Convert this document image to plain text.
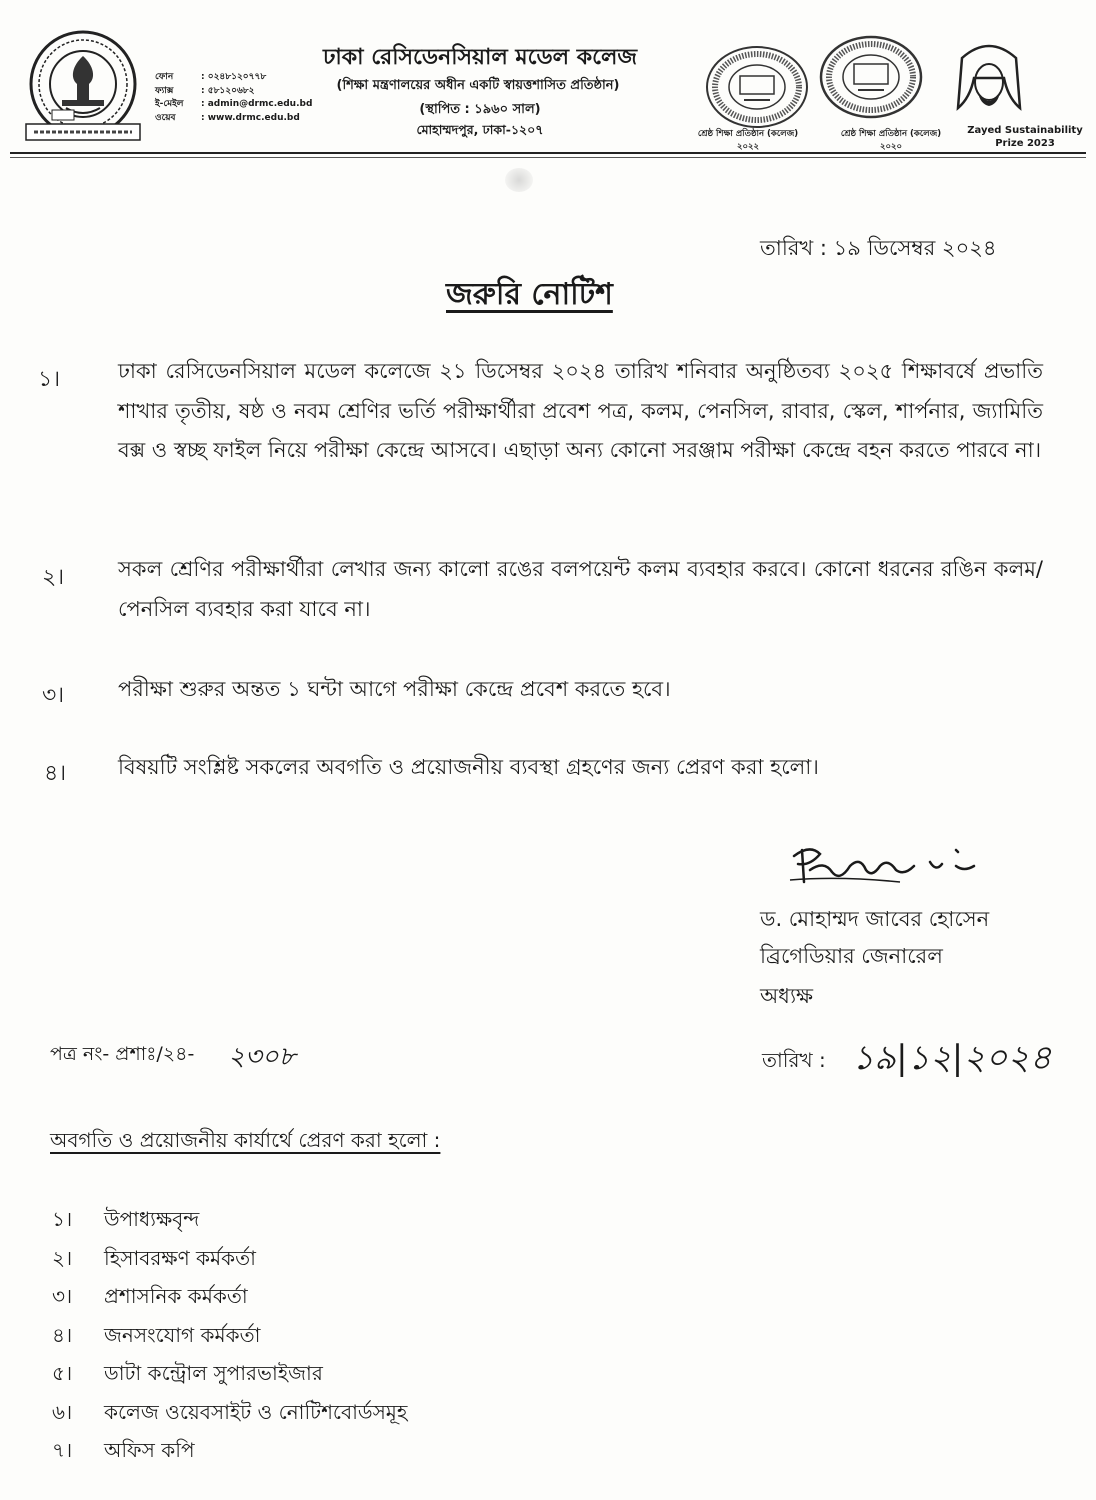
ফোন	: ০২৪৮১২০৭৭৮
ফ্যাক্স	: ৫৮১২০৬৮২
ই-মেইল : admin@drmc.edu.bd
ওয়েব	: www.drmc.edu.bd
ঢাকা রেসিডেনসিয়াল মডেল কলেজ
(শিক্ষা মন্ত্রণালয়ের অধীন একটি স্বায়ত্তশাসিত প্রতিষ্ঠান)
(স্থাপিত : ১৯৬০ সাল)
মোহাম্মদপুর, ঢাকা-১২০৭	শ্রেষ্ঠ শিক্ষা প্রতিষ্ঠান (কলেজ)
২০২২
শ্রেষ্ঠ শিক্ষা প্রতিষ্ঠান (কলেজ)
২০২০
Zayed Sustainability
Prize 2023
তারিখ : ১৯ ডিসেম্বর ২০২৪
জরুরি নোটিশ
১।	ঢাকা রেসিডেনসিয়াল মডেল কলেজে ২১ ডিসেম্বর ২০২৪ তারিখ শনিবার অনুষ্ঠিতব্য ২০২৫ শিক্ষাবর্ষে প্রভাতি শাখার তৃতীয়, ষষ্ঠ ও নবম শ্রেণির ভর্তি পরীক্ষার্থীরা প্রবেশ পত্র, কলম, পেনসিল, রাবার, স্কেল, শার্পনার, জ্যামিতি বক্স ও স্বচ্ছ ফাইল নিয়ে পরীক্ষা কেন্দ্রে আসবে। এছাড়া অন্য কোনো সরঞ্জাম পরীক্ষা কেন্দ্রে বহন করতে পারবে না।
২।	সকল শ্রেণির পরীক্ষার্থীরা লেখার জন্য কালো রঙের বলপয়েন্ট কলম ব্যবহার করবে। কোনো ধরনের রঙিন কলম/পেনসিল ব্যবহার করা যাবে না।
৩।	পরীক্ষা শুরুর অন্তত ১ ঘন্টা আগে পরীক্ষা কেন্দ্রে প্রবেশ করতে হবে।
৪। বিষয়টি সংশ্লিষ্ট সকলের অবগতি ও প্রয়োজনীয় ব্যবস্থা গ্রহণের জন্য প্রেরণ করা হলো।
ড. মোহাম্মদ জাবের হোসেন
ব্রিগেডিয়ার জেনারেল
অধ্যক্ষ
পত্র নং- প্রশাঃ/২৪- ২৩০৮	তারিখ : ১৯|১২|২০২৪
অবগতি ও প্রয়োজনীয় কার্যার্থে প্রেরণ করা হলো :
১। উপাধ্যক্ষবৃন্দ
২। হিসাবরক্ষণ কর্মকর্তা
৩। প্রশাসনিক কর্মকর্তা
৪। জনসংযোগ কর্মকর্তা
৫। ডাটা কন্ট্রোল সুপারভাইজার
৬। কলেজ ওয়েবসাইট ও নোটিশবোর্ডসমূহ
৭। অফিস কপি
